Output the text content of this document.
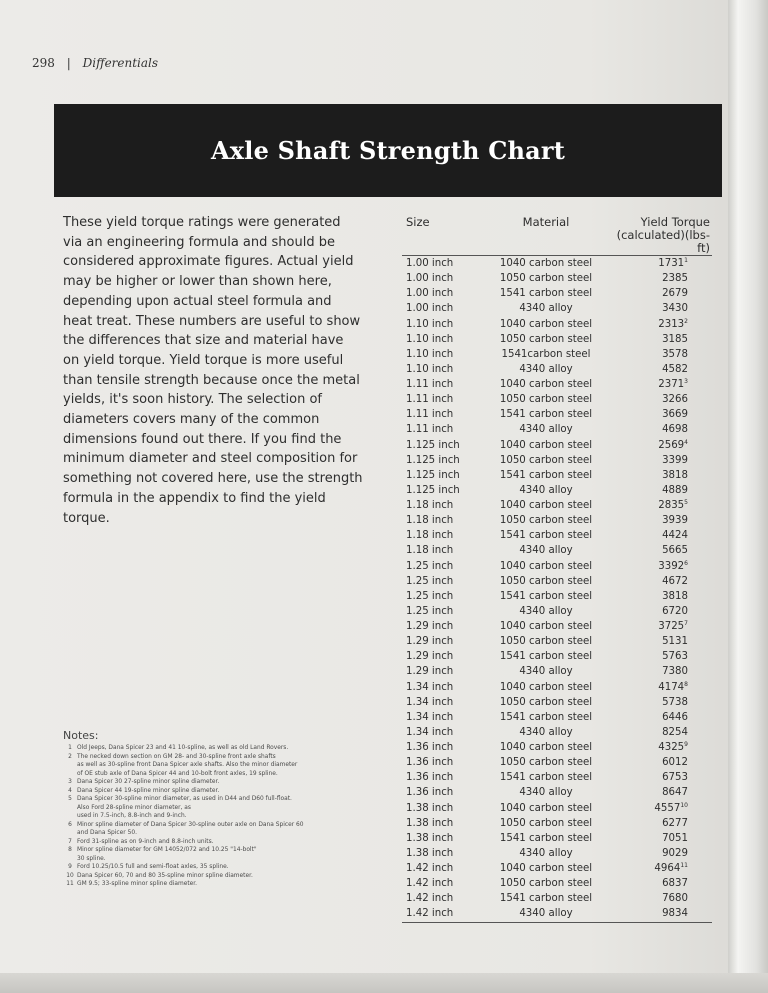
298 | Differentials
Axle Shaft Strength Chart

These yield torque ratings were generated via an engineering formula and should be considered approximate figures. Actual yield may be higher or lower than shown here, depending upon actual steel formula and heat treat. These numbers are useful to show the differences that size and material have on yield torque. Yield torque is more useful than tensile strength because once the metal yields, it's soon history. The selection of diameters covers many of the common dimensions found out there. If you find the minimum diameter and steel composition for something not covered here, use the strength formula in the appendix to find the yield torque.

Notes:
1 Old Jeeps, Dana Spicer 23 and 41 10-spline, as well as old Land Rovers.
2 The necked down section on GM 28- and 30-spline front axle shafts
as well as 30-spline front Dana Spicer axle shafts. Also the minor diameter
of OE stub axle of Dana Spicer 44 and 10-bolt front axles, 19 spline.
3 Dana Spicer 30 27-spline minor spline diameter.
4 Dana Spicer 44 19-spline minor spline diameter.
5 Dana Spicer 30-spline minor diameter, as used in D44 and D60 full-float.
Also Ford 28-spline minor diameter, as
used in 7.5-inch, 8.8-inch and 9-inch.
6 Minor spline diameter of Dana Spicer 30-spline outer axle on Dana Spicer 60
and Dana Spicer 50.
7 Ford 31-spline as on 9-inch and 8.8-inch units.
8 Minor spline diameter for GM 14052/072 and 10.25 "14-bolt"
30 spline.
9 Ford 10.25/10.5 full and semi-float axles, 35 spline.
10 Dana Spicer 60, 70 and 80 35-spline minor spline diameter.
11 GM 9.5; 33-spline minor spline diameter.
Size	Material	Yield Torque
(calculated)(lbs-ft)
1.00 inch	1040 carbon steel	1731$^1$
1.00 inch	1050 carbon steel	2385
1.00 inch	1541 carbon steel	2679
1.00 inch	4340 alloy	3430
1.10 inch	1040 carbon steel	2313$^2$
1.10 inch	1050 carbon steel	3185
1.10 inch	1541carbon steel	3578
1.10 inch	4340 alloy	4582
1.11 inch	1040 carbon steel	2371$^3$
1.11 inch	1050 carbon steel	3266
1.11 inch	1541 carbon steel	3669
1.11 inch	4340 alloy	4698
1.125 inch	1040 carbon steel	2569$^4$
1.125 inch	1050 carbon steel	3399
1.125 inch	1541 carbon steel	3818
1.125 inch	4340 alloy	4889
1.18 inch	1040 carbon steel	2835$^5$
1.18 inch	1050 carbon steel	3939
1.18 inch	1541 carbon steel	4424
1.18 inch	4340 alloy	5665
1.25 inch	1040 carbon steel	3392$^6$
1.25 inch	1050 carbon steel	4672
1.25 inch	1541 carbon steel	3818
1.25 inch	4340 alloy	6720
1.29 inch	1040 carbon steel	3725$^7$
1.29 inch	1050 carbon steel	5131
1.29 inch	1541 carbon steel	5763
1.29 inch	4340 alloy	7380
1.34 inch	1040 carbon steel	4174$^8$
1.34 inch	1050 carbon steel	5738
1.34 inch	1541 carbon steel	6446
1.34 inch	4340 alloy	8254
1.36 inch	1040 carbon steel	4325$^9$
1.36 inch	1050 carbon steel	6012
1.36 inch	1541 carbon steel	6753
1.36 inch	4340 alloy	8647
1.38 inch	1040 carbon steel	4557$^{10}$
1.38 inch	1050 carbon steel	6277
1.38 inch	1541 carbon steel	7051
1.38 inch	4340 alloy	9029
1.42 inch	1040 carbon steel	4964$^{11}$
1.42 inch	1050 carbon steel	6837
1.42 inch	1541 carbon steel	7680
1.42 inch	4340 alloy	9834
